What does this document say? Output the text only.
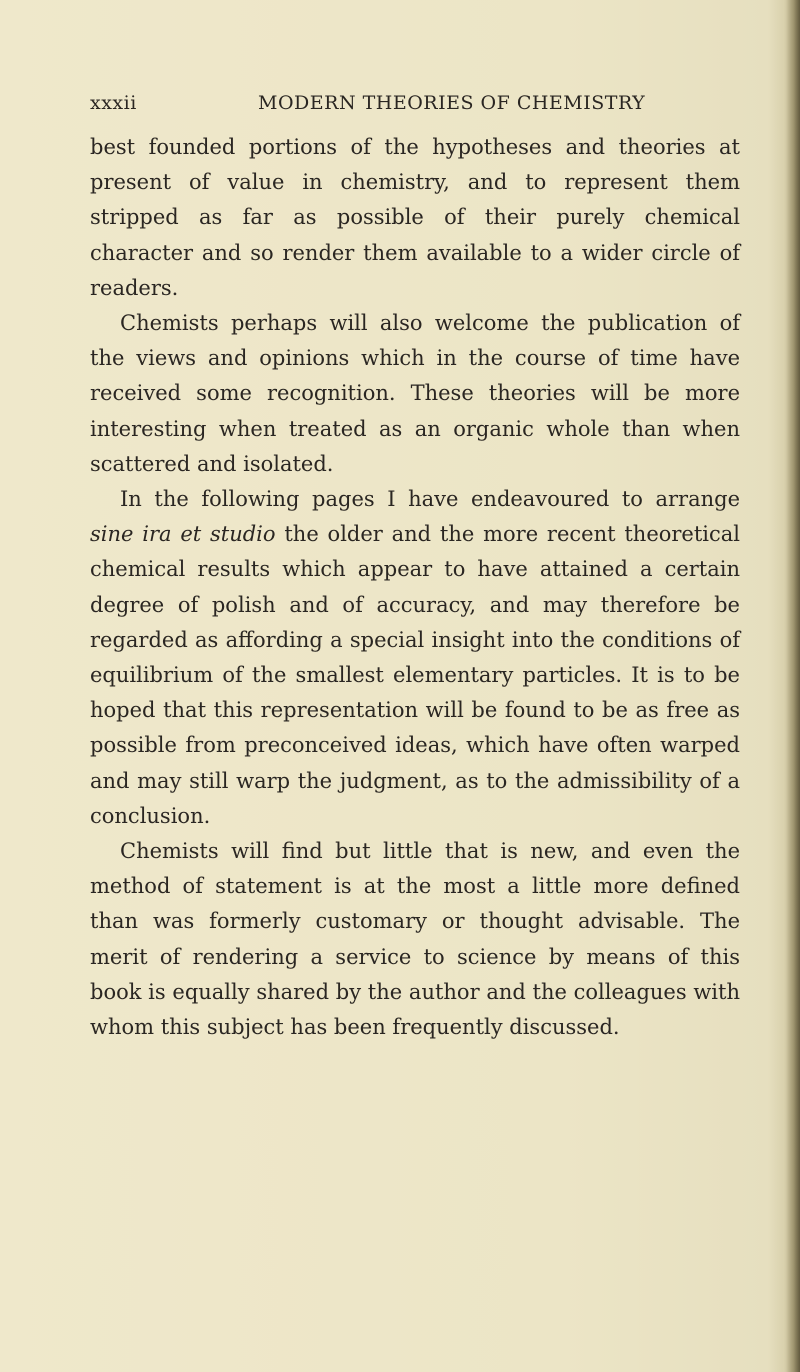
xxxii	MODERN THEORIES OF CHEMISTRY

best founded portions of the hypotheses and theories at present of value in chemistry, and to represent them stripped as far as possible of their purely chemical character and so render them available to a wider circle of readers.

Chemists perhaps will also welcome the publication of the views and opinions which in the course of time have received some recognition. These theories will be more interesting when treated as an organic whole than when scattered and isolated.

In the following pages I have endeavoured to arrange sine ira et studio the older and the more recent theoretical chemical results which appear to have attained a certain degree of polish and of accuracy, and may therefore be regarded as affording a special insight into the conditions of equilibrium of the smallest elementary particles. It is to be hoped that this representation will be found to be as free as possible from preconceived ideas, which have often warped and may still warp the judgment, as to the admissibility of a conclusion.

Chemists will find but little that is new, and even the method of statement is at the most a little more defined than was formerly customary or thought advisable. The merit of rendering a service to science by means of this book is equally shared by the author and the colleagues with whom this subject has been frequently discussed.
